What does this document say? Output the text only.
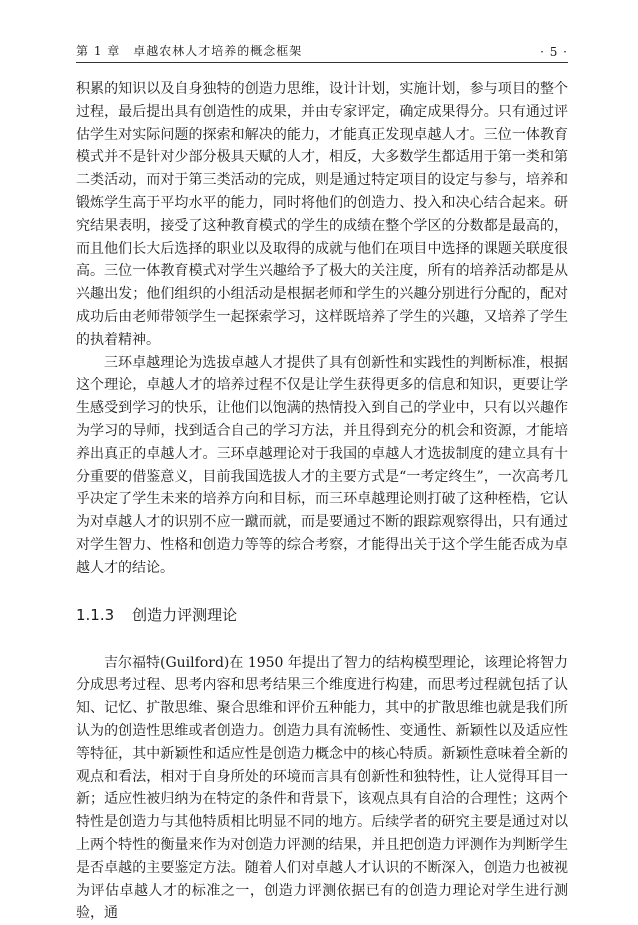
第 1 章　卓越农林人才培养的概念框架	· 5 ·

积累的知识以及自身独特的创造力思维，设计计划，实施计划，参与项目的整个过程，最后提出具有创造性的成果，并由专家评定，确定成果得分。只有通过评估学生对实际问题的探索和解决的能力，才能真正发现卓越人才。三位一体教育模式并不是针对少部分极具天赋的人才，相反，大多数学生都适用于第一类和第二类活动，而对于第三类活动的完成，则是通过特定项目的设定与参与，培养和锻炼学生高于平均水平的能力，同时将他们的创造力、投入和决心结合起来。研究结果表明，接受了这种教育模式的学生的成绩在整个学区的分数都是最高的，而且他们长大后选择的职业以及取得的成就与他们在项目中选择的课题关联度很高。三位一体教育模式对学生兴趣给予了极大的关注度，所有的培养活动都是从兴趣出发；他们组织的小组活动是根据老师和学生的兴趣分别进行分配的，配对成功后由老师带领学生一起探索学习，这样既培养了学生的兴趣，又培养了学生的执着精神。

三环卓越理论为选拔卓越人才提供了具有创新性和实践性的判断标准，根据这个理论，卓越人才的培养过程不仅是让学生获得更多的信息和知识，更要让学生感受到学习的快乐，让他们以饱满的热情投入到自己的学业中，只有以兴趣作为学习的导师，找到适合自己的学习方法，并且得到充分的机会和资源，才能培养出真正的卓越人才。三环卓越理论对于我国的卓越人才选拔制度的建立具有十分重要的借鉴意义，目前我国选拔人才的主要方式是“一考定终生”，一次高考几乎决定了学生未来的培养方向和目标，而三环卓越理论则打破了这种桎梏，它认为对卓越人才的识别不应一蹴而就，而是要通过不断的跟踪观察得出，只有通过对学生智力、性格和创造力等等的综合考察，才能得出关于这个学生能否成为卓越人才的结论。

1.1.3 创造力评测理论

吉尔福特(Guilford)在 1950 年提出了智力的结构模型理论，该理论将智力分成思考过程、思考内容和思考结果三个维度进行构建，而思考过程就包括了认知、记忆、扩散思维、聚合思维和评价五种能力，其中的扩散思维也就是我们所认为的创造性思维或者创造力。创造力具有流畅性、变通性、新颖性以及适应性等特征，其中新颖性和适应性是创造力概念中的核心特质。新颖性意味着全新的观点和看法，相对于自身所处的环境而言具有创新性和独特性，让人觉得耳目一新；适应性被归纳为在特定的条件和背景下，该观点具有自洽的合理性；这两个特性是创造力与其他特质相比明显不同的地方。后续学者的研究主要是通过对以上两个特性的衡量来作为对创造力评测的结果，并且把创造力评测作为判断学生是否卓越的主要鉴定方法。随着人们对卓越人才认识的不断深入，创造力也被视为评估卓越人才的标准之一，创造力评测依据已有的创造力理论对学生进行测验，通
